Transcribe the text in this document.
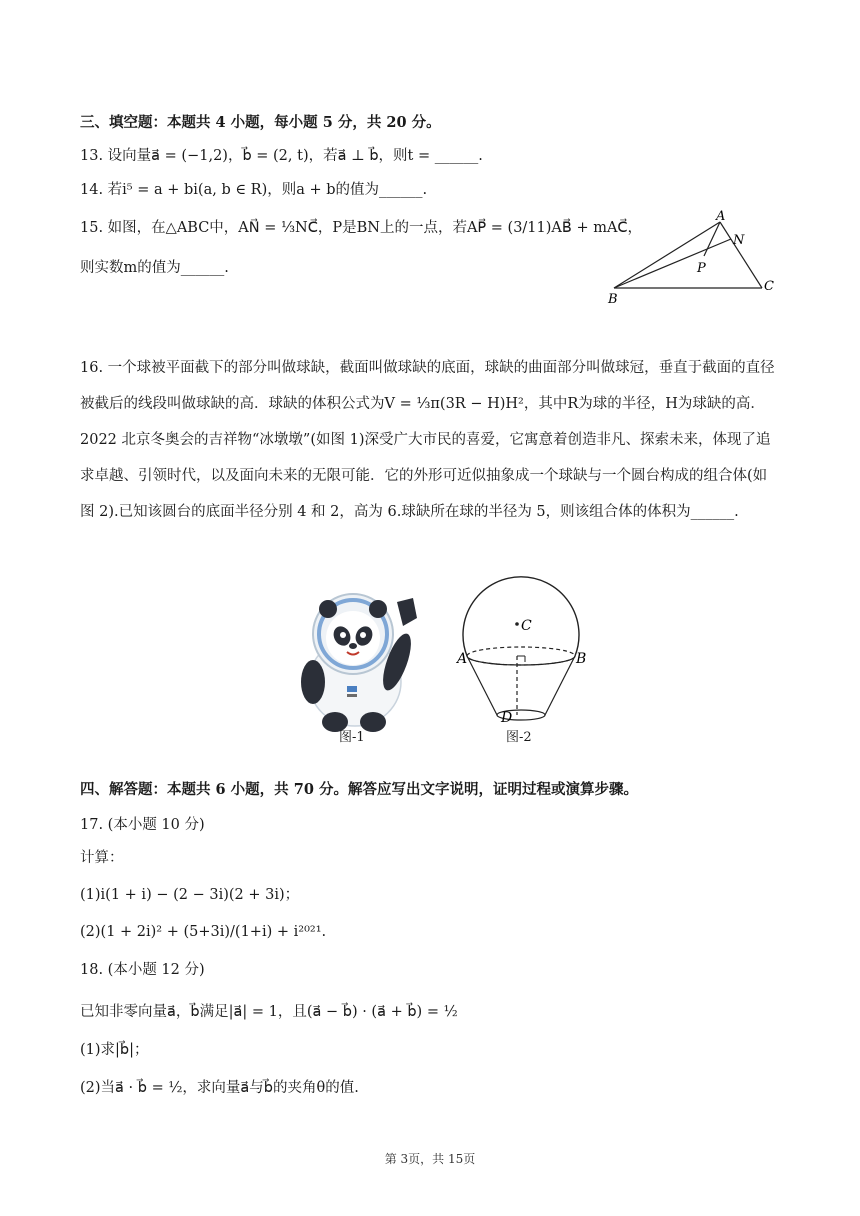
三、填空题：本题共 4 小题，每小题 5 分，共 20 分。
13. 设向量a⃗ = (−1,2)，b⃗ = (2, t)，若a⃗ ⊥ b⃗，则t = ______.
14. 若i⁵ = a + bi(a, b ∈ R)，则a + b的值为______.
15. 如图，在△ABC中，AN⃗ = ⅓NC⃗，P是BN上的一点，若AP⃗ = (3/11)AB⃗ + mAC⃗，
则实数m的值为______.
A
N
P
B
C
16. 一个球被平面截下的部分叫做球缺，截面叫做球缺的底面，球缺的曲面部分叫做球冠，垂直于截面的直径被截后的线段叫做球缺的高．球缺的体积公式为V = ⅓π(3R − H)H²，其中R为球的半径，H为球缺的高．2022 北京冬奥会的吉祥物“冰墩墩”(如图 1)深受广大市民的喜爱，它寓意着创造非凡、探索未来，体现了追求卓越、引领时代，以及面向未来的无限可能．它的外形可近似抽象成一个球缺与一个圆台构成的组合体(如图 2).已知该圆台的底面半径分别 4 和 2，高为 6.球缺所在球的半径为 5，则该组合体的体积为______.
图-1
C
A	B
D
图-2
四、解答题：本题共 6 小题，共 70 分。解答应写出文字说明，证明过程或演算步骤。
17. (本小题 10 分)
计算：
(1)i(1 + i) − (2 − 3i)(2 + 3i)；
(2)(1 + 2i)² + (5+3i)/(1+i) + i²⁰²¹.
18. (本小题 12 分)
已知非零向量a⃗，b⃗满足|a⃗| = 1，且(a⃗ − b⃗) · (a⃗ + b⃗) = ½
(1)求|b⃗|；
(2)当a⃗ · b⃗ = ½，求向量a⃗与b⃗的夹角θ的值.
第 3页，共 15页
